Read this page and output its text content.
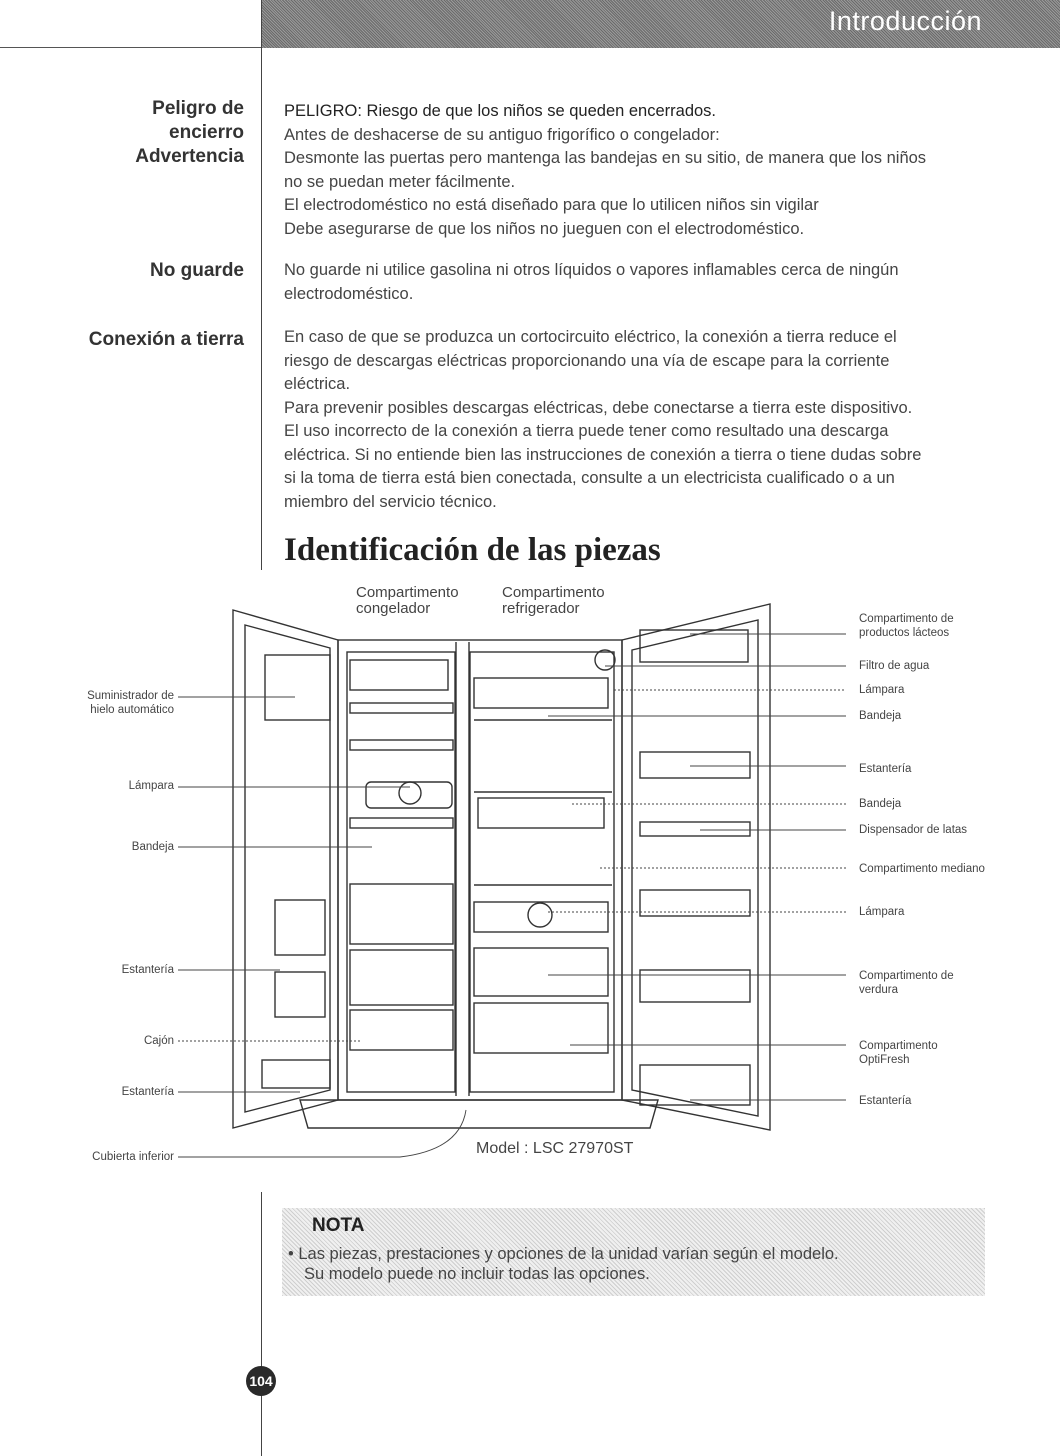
Introducción
Peligro de
encierro
Advertencia
PELIGRO: Riesgo de que los niños se queden encerrados.
Antes de deshacerse de su antiguo frigorífico o congelador:
Desmonte las puertas pero mantenga las bandejas en su sitio, de manera que los niños
no se puedan meter fácilmente.
El electrodoméstico no está diseñado para que lo utilicen niños sin vigilar
Debe asegurarse de que los niños no jueguen con el electrodoméstico.
No guarde No guarde ni utilice gasolina ni otros líquidos o vapores inflamables cerca de ningún
electrodoméstico.
Conexión a tierra En caso de que se produzca un cortocircuito eléctrico, la conexión a tierra reduce el
riesgo de descargas eléctricas proporcionando una vía de escape para la corriente
eléctrica.
Para prevenir posibles descargas eléctricas, debe conectarse a tierra este dispositivo.
El uso incorrecto de la conexión a tierra puede tener como resultado una descarga
eléctrica. Si no entiende bien las instrucciones de conexión a tierra o tiene dudas sobre
si la toma de tierra está bien conectada, consulte a un electricista cualificado o a un
miembro del servicio técnico.
Identificación de las piezas
Compartimento
congelador
Compartimento
refrigerador
Suministrador de
hielo automático
Lámpara
Bandeja
Estantería
Cajón
Estantería
Cubierta inferior
Compartimento de
productos lácteos
Filtro de agua
Lámpara
Bandeja
Estantería
Bandeja
Dispensador de latas
Compartimento mediano
Lámpara
Compartimento de
verdura
Compartimento
OptiFresh
Estantería
Model : LSC 27970ST
NOTA
• Las piezas, prestaciones y opciones de la unidad varían según el modelo.
Su modelo puede no incluir todas las opciones.
104
